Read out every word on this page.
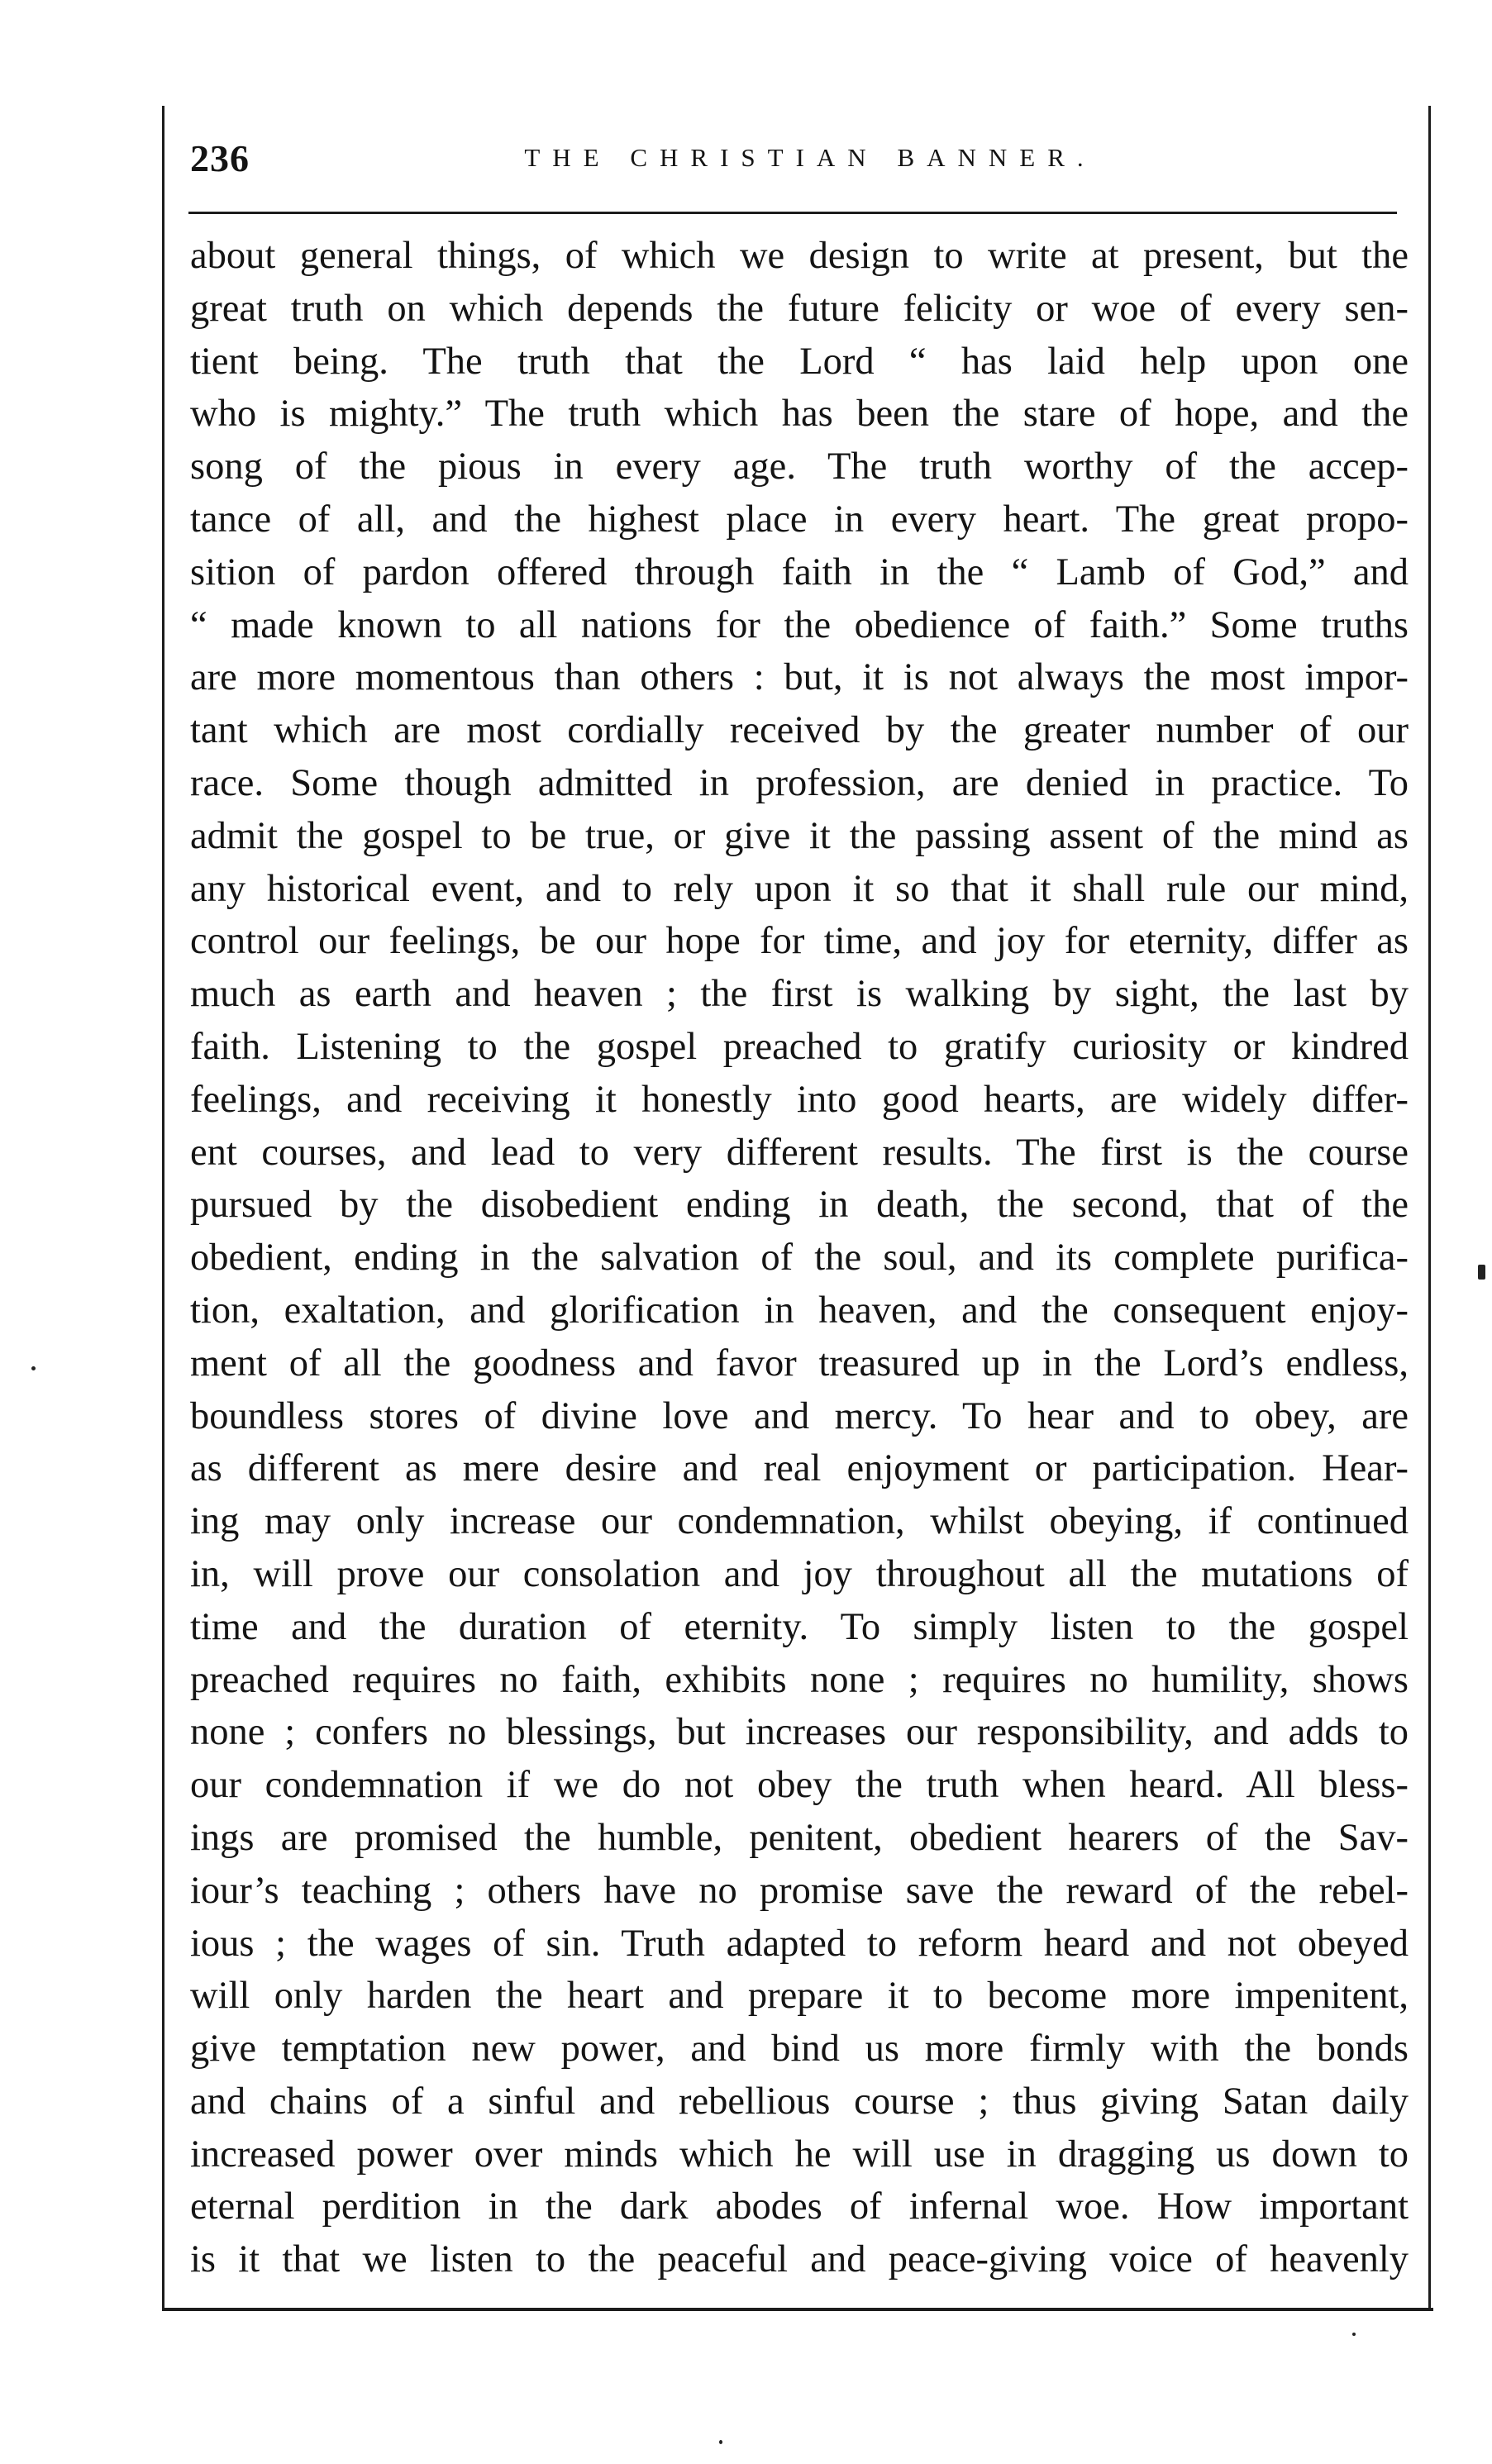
236	THE CHRISTIAN BANNER.
about general things, of which we design to write at present, but the
great truth on which depends the future felicity or woe of every sen-
tient being. The truth that the Lord “ has laid help upon one
who is mighty.” The truth which has been the stare of hope, and the
song of the pious in every age. The truth worthy of the accep-
tance of all, and the highest place in every heart. The great propo-
sition of pardon offered through faith in the “ Lamb of God,” and
“ made known to all nations for the obedience of faith.” Some truths
are more momentous than others : but, it is not always the most impor-
tant which are most cordially received by the greater number of our
race. Some though admitted in profession, are denied in practice. To
admit the gospel to be true, or give it the passing assent of the mind as
any historical event, and to rely upon it so that it shall rule our mind,
control our feelings, be our hope for time, and joy for eternity, differ as
much as earth and heaven ; the first is walking by sight, the last by
faith. Listening to the gospel preached to gratify curiosity or kindred
feelings, and receiving it honestly into good hearts, are widely differ-
ent courses, and lead to very different results. The first is the course
pursued by the disobedient ending in death, the second, that of the
obedient, ending in the salvation of the soul, and its complete purifica-
tion, exaltation, and glorification in heaven, and the consequent enjoy-
ment of all the goodness and favor treasured up in the Lord’s endless,
boundless stores of divine love and mercy. To hear and to obey, are
as different as mere desire and real enjoyment or participation. Hear-
ing may only increase our condemnation, whilst obeying, if continued
in, will prove our consolation and joy throughout all the mutations of
time and the duration of eternity. To simply listen to the gospel
preached requires no faith, exhibits none ; requires no humility, shows
none ; confers no blessings, but increases our responsibility, and adds to
our condemnation if we do not obey the truth when heard. All bless-
ings are promised the humble, penitent, obedient hearers of the Sav-
iour’s teaching ; others have no promise save the reward of the rebel-
ious ; the wages of sin. Truth adapted to reform heard and not obeyed
will only harden the heart and prepare it to become more impenitent,
give temptation new power, and bind us more firmly with the bonds
and chains of a sinful and rebellious course ; thus giving Satan daily
increased power over minds which he will use in dragging us down to
eternal perdition in the dark abodes of infernal woe. How important
is it that we listen to the peaceful and peace-giving voice of heavenly
